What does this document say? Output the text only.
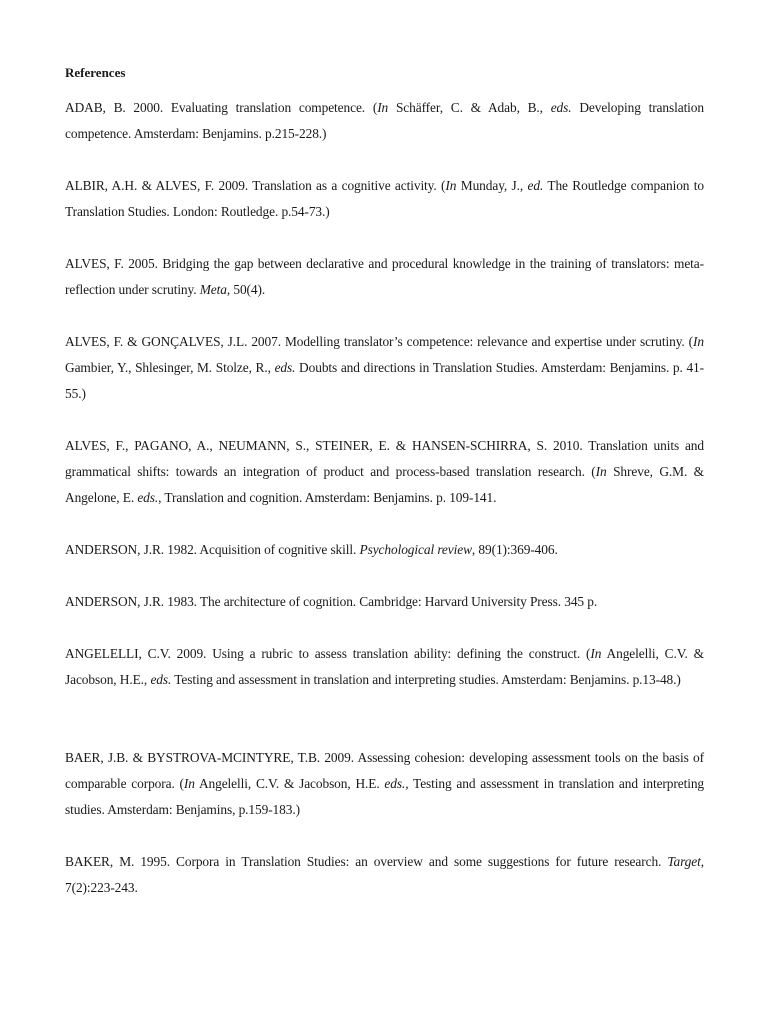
References

ADAB, B. 2000. Evaluating translation competence. (In Schäffer, C. & Adab, B., eds. Developing translation competence. Amsterdam: Benjamins. p.215-228.)

ALBIR, A.H. & ALVES, F. 2009. Translation as a cognitive activity. (In Munday, J., ed. The Routledge companion to Translation Studies. London: Routledge. p.54-73.)

ALVES, F. 2005. Bridging the gap between declarative and procedural knowledge in the training of translators: meta-reflection under scrutiny. Meta, 50(4).

ALVES, F. & GONÇALVES, J.L. 2007. Modelling translator’s competence: relevance and expertise under scrutiny. (In Gambier, Y., Shlesinger, M. Stolze, R., eds. Doubts and directions in Translation Studies. Amsterdam: Benjamins. p. 41-55.)

ALVES, F., PAGANO, A., NEUMANN, S., STEINER, E. & HANSEN-SCHIRRA, S. 2010. Translation units and grammatical shifts: towards an integration of product and process-based translation research. (In Shreve, G.M. & Angelone, E. eds., Translation and cognition. Amsterdam: Benjamins. p. 109-141.

ANDERSON, J.R. 1982. Acquisition of cognitive skill. Psychological review, 89(1):369-406.

ANDERSON, J.R. 1983. The architecture of cognition. Cambridge: Harvard University Press. 345 p.

ANGELELLI, C.V. 2009. Using a rubric to assess translation ability: defining the construct. (In Angelelli, C.V. & Jacobson, H.E., eds. Testing and assessment in translation and interpreting studies. Amsterdam: Benjamins. p.13-48.)

BAER, J.B. & BYSTROVA-MCINTYRE, T.B. 2009. Assessing cohesion: developing assessment tools on the basis of comparable corpora. (In Angelelli, C.V. & Jacobson, H.E. eds., Testing and assessment in translation and interpreting studies. Amsterdam: Benjamins, p.159-183.)

BAKER, M. 1995. Corpora in Translation Studies: an overview and some suggestions for future research. Target, 7(2):223-243.
